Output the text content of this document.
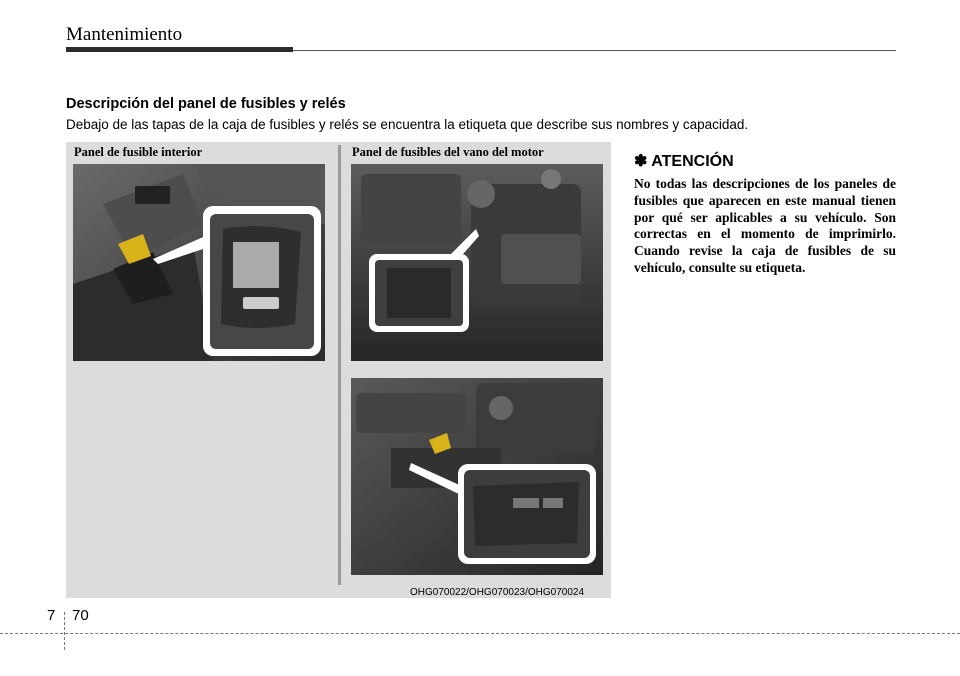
Mantenimiento
Descripción del panel de fusibles y relés
Debajo de las tapas de la caja de fusibles y relés se encuentra la etiqueta que describe sus nombres y capacidad.
Panel de fusible interior	Panel de fusibles del vano del motor
OHG070022/OHG070023/OHG070024
✽ ATENCIÓN
No todas las descripciones de los paneles de fusibles que aparecen en este manual tienen por qué ser aplicables a su vehículo. Son correctas en el momento de imprimirlo. Cuando revise la caja de fusibles de su vehículo, consulte su etiqueta.
7 70
